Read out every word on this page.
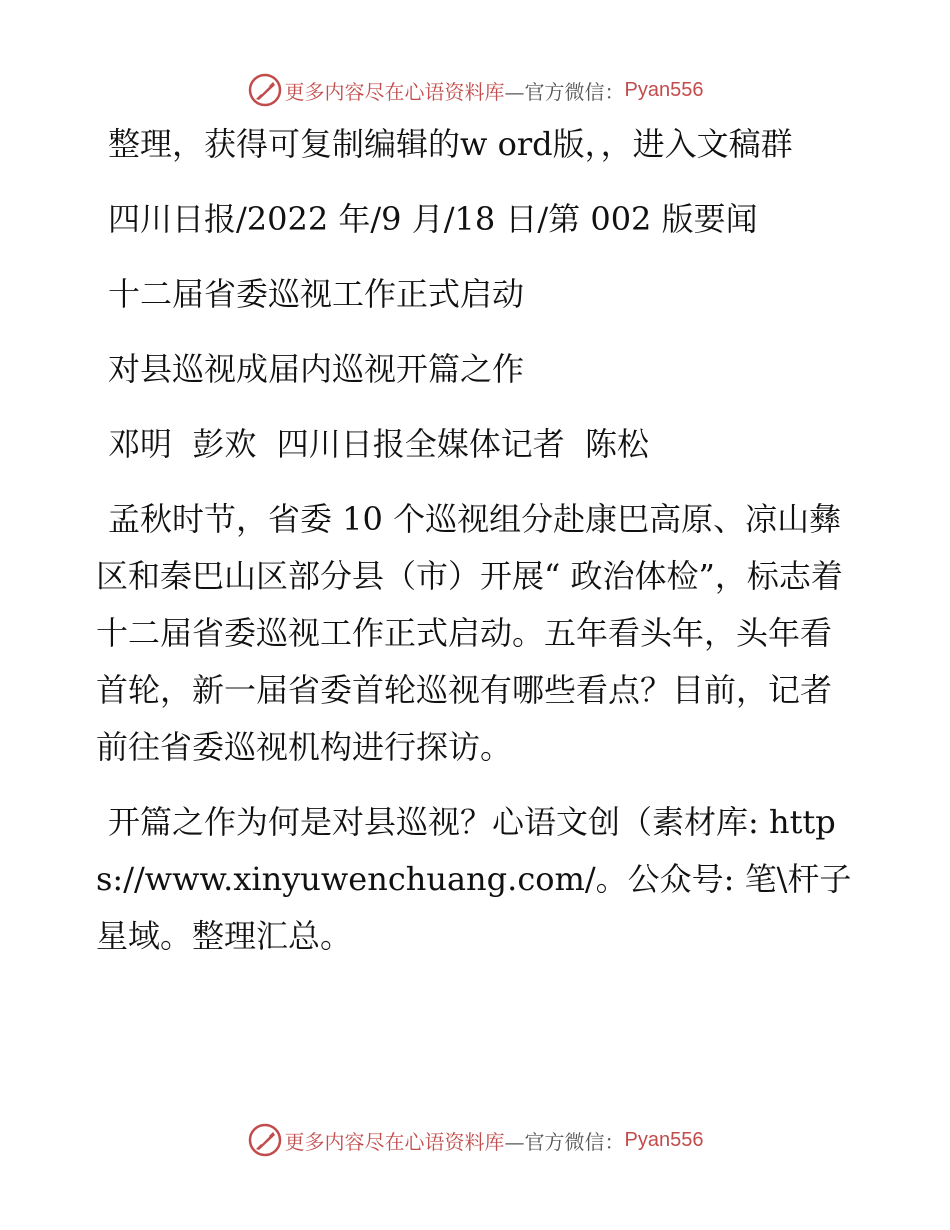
更多内容尽在心语资料库 —官方微信： Pyan556

整理，获得可复制编辑的w ord版，，进入文稿群

四川日报/2022 年/9 月/18 日/第 002 版要闻

十二届省委巡视工作正式启动

对县巡视成届内巡视开篇之作

邓明  彭欢  四川日报全媒体记者  陈松

孟秋时节，省委 10 个巡视组分赴康巴高原、凉山彝区和秦巴山区部分县（市）开展“ 政治体检”，标志着十二届省委巡视工作正式启动。五年看头年，头年看首轮，新一届省委首轮巡视有哪些看点？目前，记者前往省委巡视机构进行探访。

开篇之作为何是对县巡视？心语文创（素材库: https://www.xinyuwenchuang.com/。公众号: 笔\杆子星域。整理汇总。

更多内容尽在心语资料库 —官方微信： Pyan556
